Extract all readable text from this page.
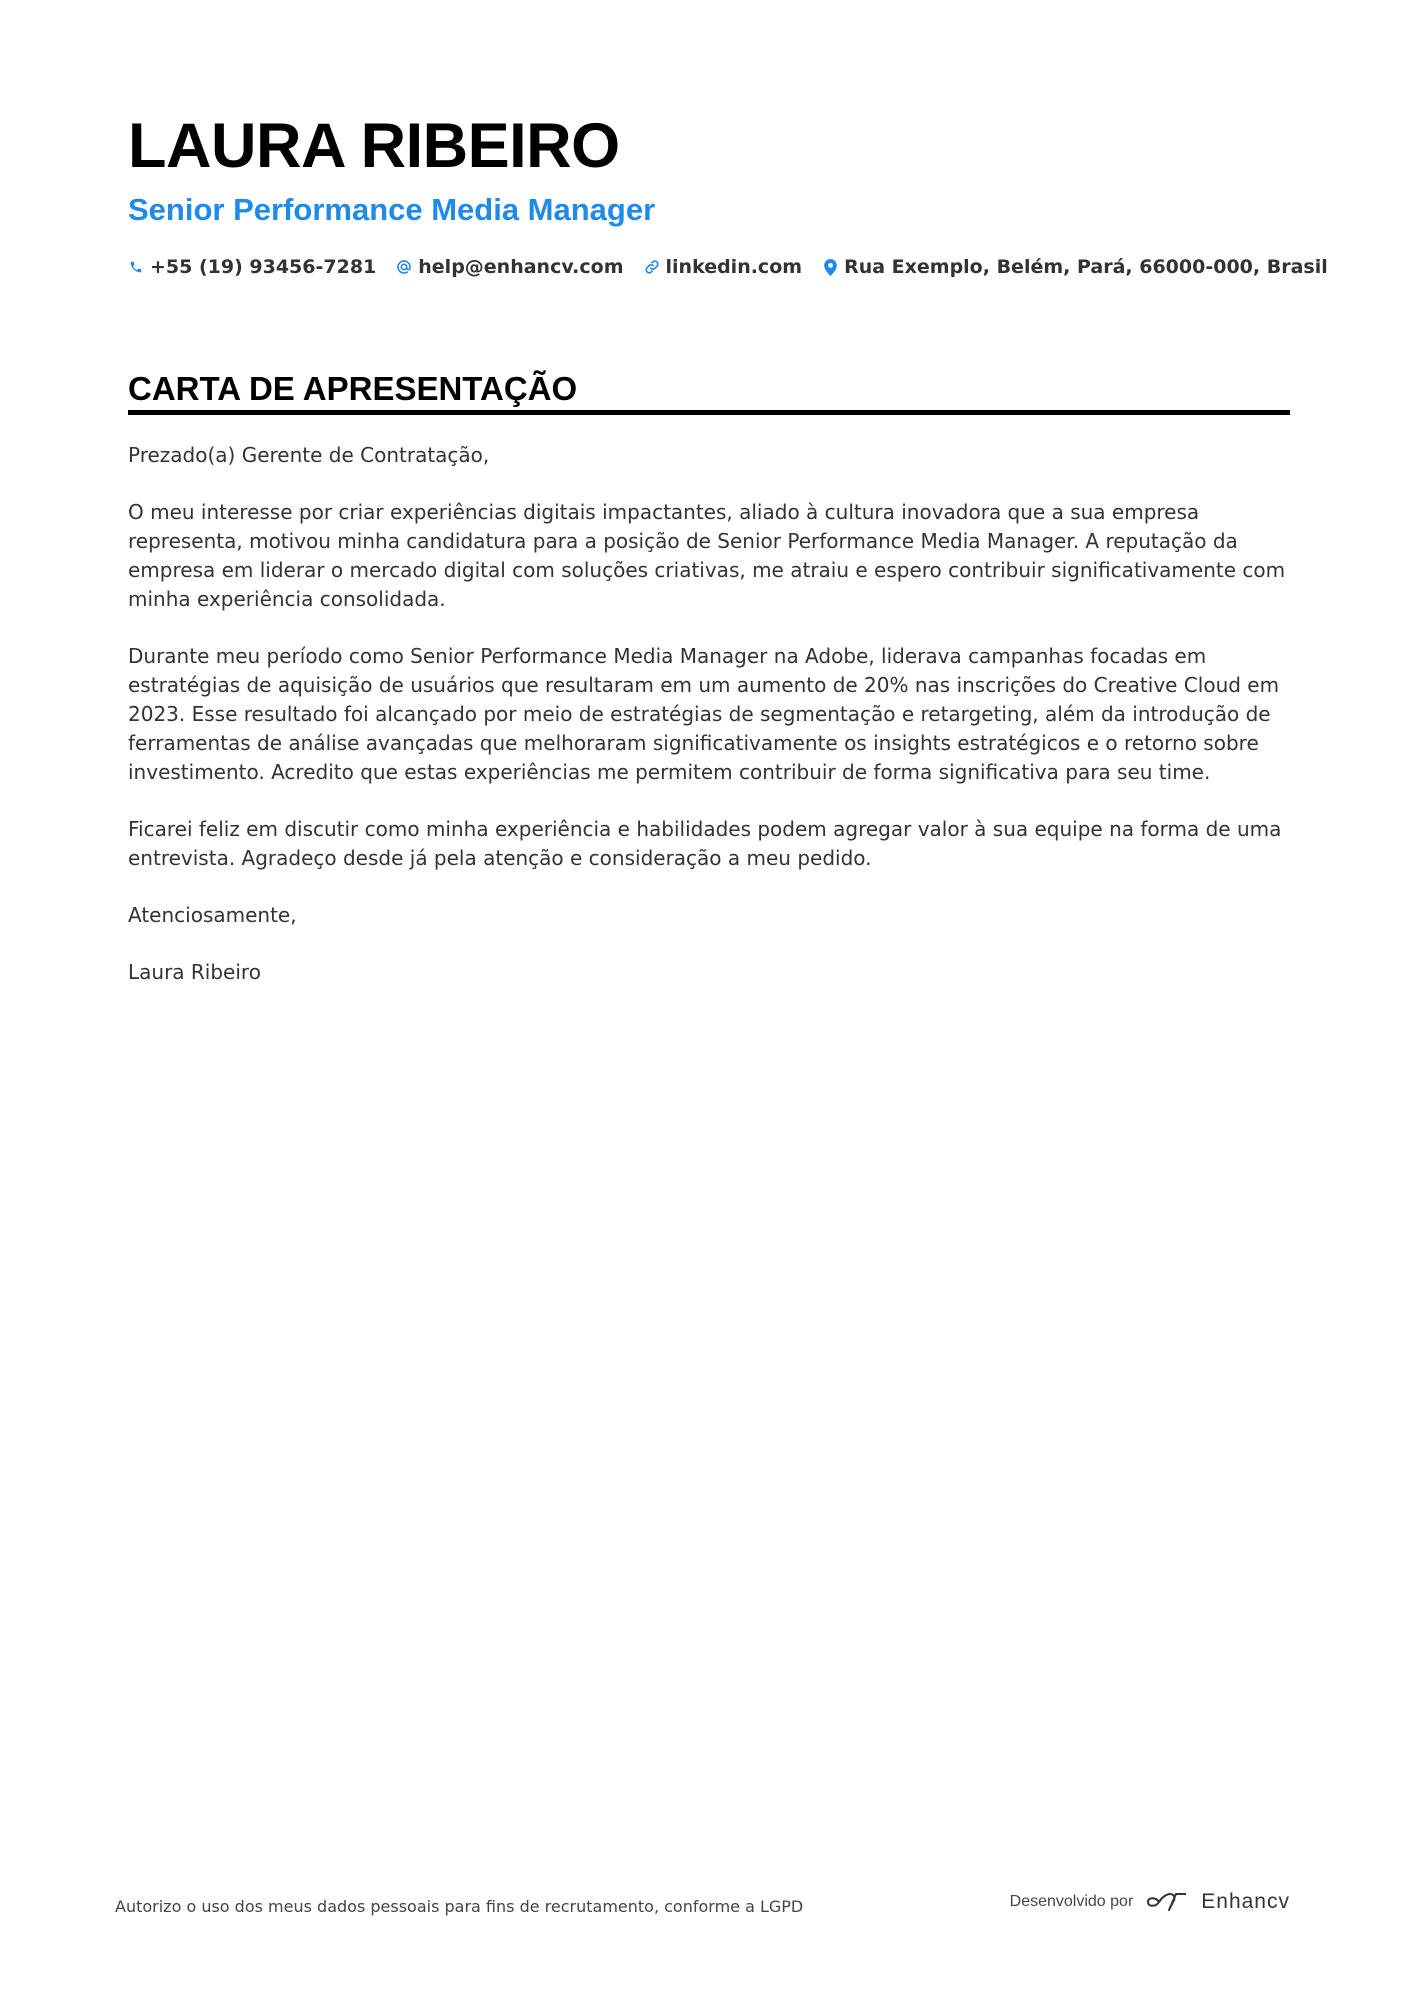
LAURA RIBEIRO
Senior Performance Media Manager
+55 (19) 93456-7281 help@enhancv.com linkedin.com Rua Exemplo, Belém, Pará, 66000-000, Brasil
CARTA DE APRESENTAÇÃO

Prezado(a) Gerente de Contratação,

O meu interesse por criar experiências digitais impactantes, aliado à cultura inovadora que a sua empresa representa, motivou minha candidatura para a posição de Senior Performance Media Manager. A reputação da empresa em liderar o mercado digital com soluções criativas, me atraiu e espero contribuir significativamente com minha experiência consolidada.

Durante meu período como Senior Performance Media Manager na Adobe, liderava campanhas focadas em estratégias de aquisição de usuários que resultaram em um aumento de 20% nas inscrições do Creative Cloud em 2023. Esse resultado foi alcançado por meio de estratégias de segmentação e retargeting, além da introdução de ferramentas de análise avançadas que melhoraram significativamente os insights estratégicos e o retorno sobre investimento. Acredito que estas experiências me permitem contribuir de forma significativa para seu time.

Ficarei feliz em discutir como minha experiência e habilidades podem agregar valor à sua equipe na forma de uma entrevista. Agradeço desde já pela atenção e consideração a meu pedido.

Atenciosamente,

Laura Ribeiro

Autorizo o uso dos meus dados pessoais para fins de recrutamento, conforme a LGPD	Desenvolvido por	Enhancv
